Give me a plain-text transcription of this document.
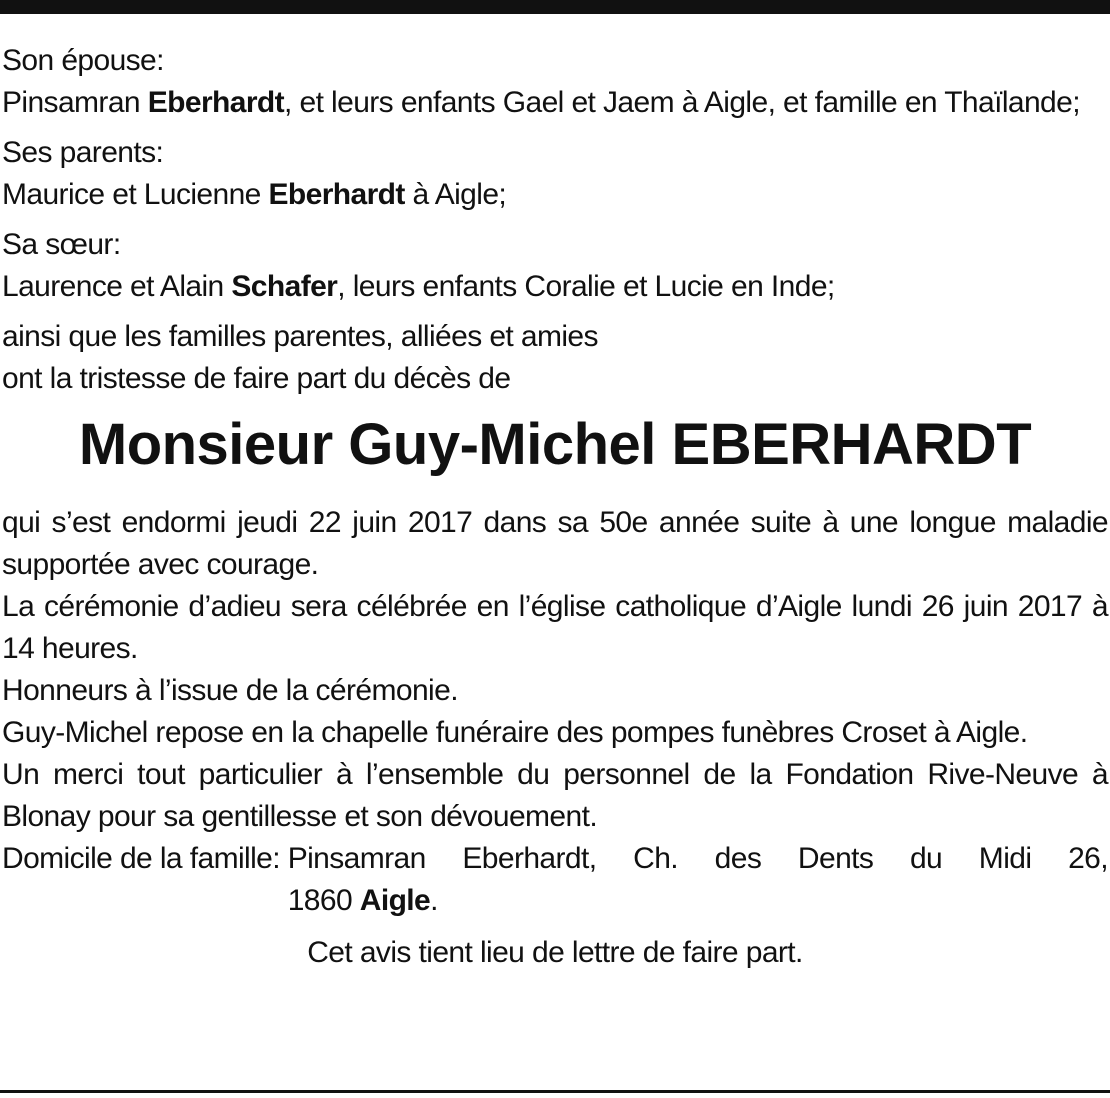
Son épouse:

Pinsamran Eberhardt, et leurs enfants Gael et Jaem à Aigle, et famille en Thaïlande;

Ses parents:

Maurice et Lucienne Eberhardt à Aigle;

Sa sœur:

Laurence et Alain Schafer, leurs enfants Coralie et Lucie en Inde;

ainsi que les familles parentes, alliées et amies

ont la tristesse de faire part du décès de

Monsieur Guy-Michel EBERHARDT

qui s’est endormi jeudi 22 juin 2017 dans sa 50e année suite à une longue maladie supportée avec courage.

La cérémonie d’adieu sera célébrée en l’église catholique d’Aigle lundi 26 juin 2017 à 14 heures.

Honneurs à l’issue de la cérémonie.

Guy-Michel repose en la chapelle funéraire des pompes funèbres Croset à Aigle.

Un merci tout particulier à l’ensemble du personnel de la Fondation Rive-Neuve à Blonay pour sa gentillesse et son dévouement.

Domicile de la famille: Pinsamran Eberhardt, Ch. des Dents du Midi 26,
1860 Aigle.

Cet avis tient lieu de lettre de faire part.
